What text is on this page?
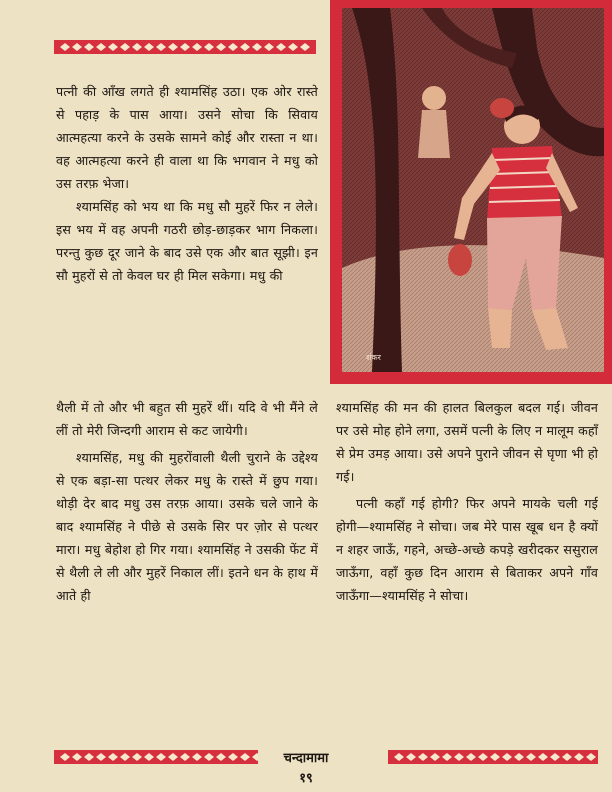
शंकर

पत्नी की आँख लगते ही श्यामसिंह उठा। एक ओर रास्ते से पहाड़ के पास आया। उसने सोचा कि सिवाय आत्महत्या करने के उसके सामने कोई और रास्ता न था। वह आत्महत्या करने ही वाला था कि भगवान ने मधु को उस तरफ़ भेजा।

श्यामसिंह को भय था कि मधु सौ मुहरें फिर न लेले। इस भय में वह अपनी गठरी छोड़-छाड़कर भाग निकला। परन्तु कुछ दूर जाने के बाद उसे एक और बात सूझी। इन सौ मुहरों से तो केवल घर ही मिल सकेगा। मधु की

थैली में तो और भी बहुत सी मुहरें थीं। यदि वे भी मैंने ले लीं तो मेरी जिन्दगी आराम से कट जायेगी।

श्यामसिंह, मधु की मुहरोंवाली थैली चुराने के उद्देश्य से एक बड़ा-सा पत्थर लेकर मधु के रास्ते में छुप गया। थोड़ी देर बाद मधु उस तरफ़ आया। उसके चले जाने के बाद श्यामसिंह ने पीछे से उसके सिर पर ज़ोर से पत्थर मारा। मधु बेहोश हो गिर गया। श्यामसिंह ने उसकी फेंट में से थैली ले ली और मुहरें निकाल लीं। इतने धन के हाथ में आते ही

श्यामसिंह की मन की हालत बिलकुल बदल गई। जीवन पर उसे मोह होने लगा, उसमें पत्नी के लिए न मालूम कहाँ से प्रेम उमड़ आया। उसे अपने पुराने जीवन से घृणा भी हो गई।

पत्नी कहाँ गई होगी? फिर अपने मायके चली गई होगी—श्यामसिंह ने सोचा। जब मेरे पास खूब धन है क्यों न शहर जाऊँ, गहने, अच्छे-अच्छे कपड़े खरीदकर ससुराल जाऊँगा, वहाँ कुछ दिन आराम से बिताकर अपने गाँव जाऊँगा—श्यामसिंह ने सोचा।

चन्दामामा
१९
